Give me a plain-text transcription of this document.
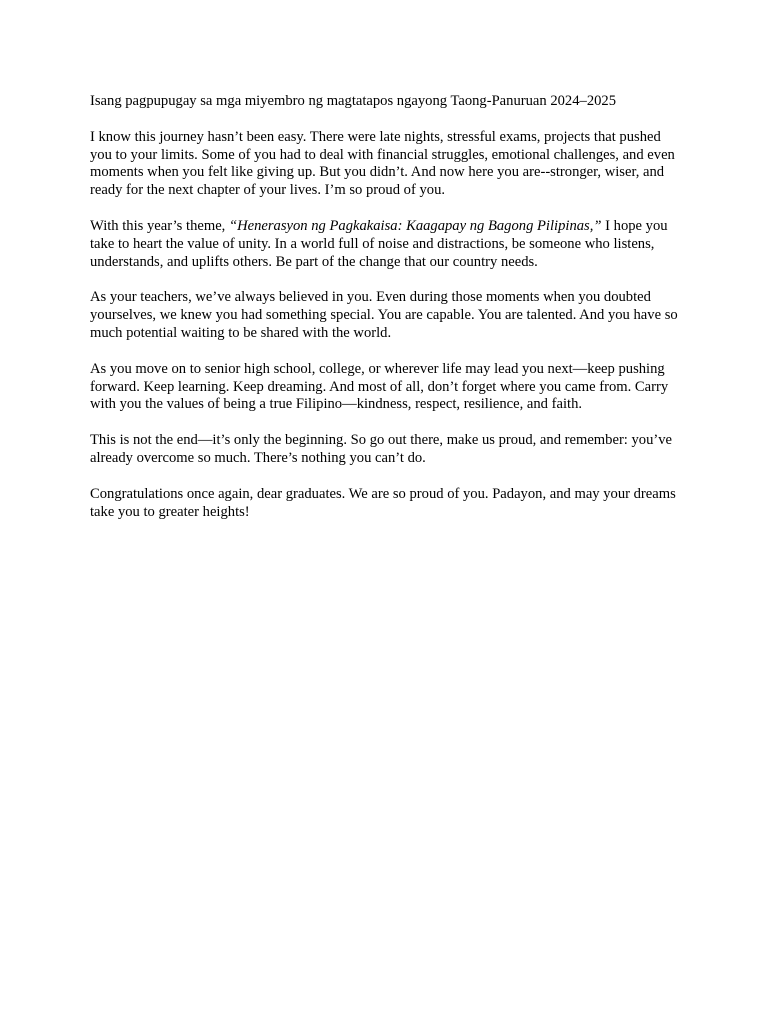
Isang pagpupugay sa mga miyembro ng magtatapos ngayong Taong-Panuruan 2024–2025

I know this journey hasn’t been easy. There were late nights, stressful exams, projects that pushed you to your limits. Some of you had to deal with financial struggles, emotional challenges, and even moments when you felt like giving up. But you didn’t. And now here you are--stronger, wiser, and ready for the next chapter of your lives. I’m so proud of you.

With this year’s theme, “Henerasyon ng Pagkakaisa: Kaagapay ng Bagong Pilipinas,” I hope you take to heart the value of unity. In a world full of noise and distractions, be someone who listens, understands, and uplifts others. Be part of the change that our country needs.

As your teachers, we’ve always believed in you. Even during those moments when you doubted yourselves, we knew you had something special. You are capable. You are talented. And you have so much potential waiting to be shared with the world.

As you move on to senior high school, college, or wherever life may lead you next—keep pushing forward. Keep learning. Keep dreaming. And most of all, don’t forget where you came from. Carry with you the values of being a true Filipino—kindness, respect, resilience, and faith.

This is not the end—it’s only the beginning. So go out there, make us proud, and remember: you’ve already overcome so much. There’s nothing you can’t do.

Congratulations once again, dear graduates. We are so proud of you. Padayon, and may your dreams take you to greater heights!
